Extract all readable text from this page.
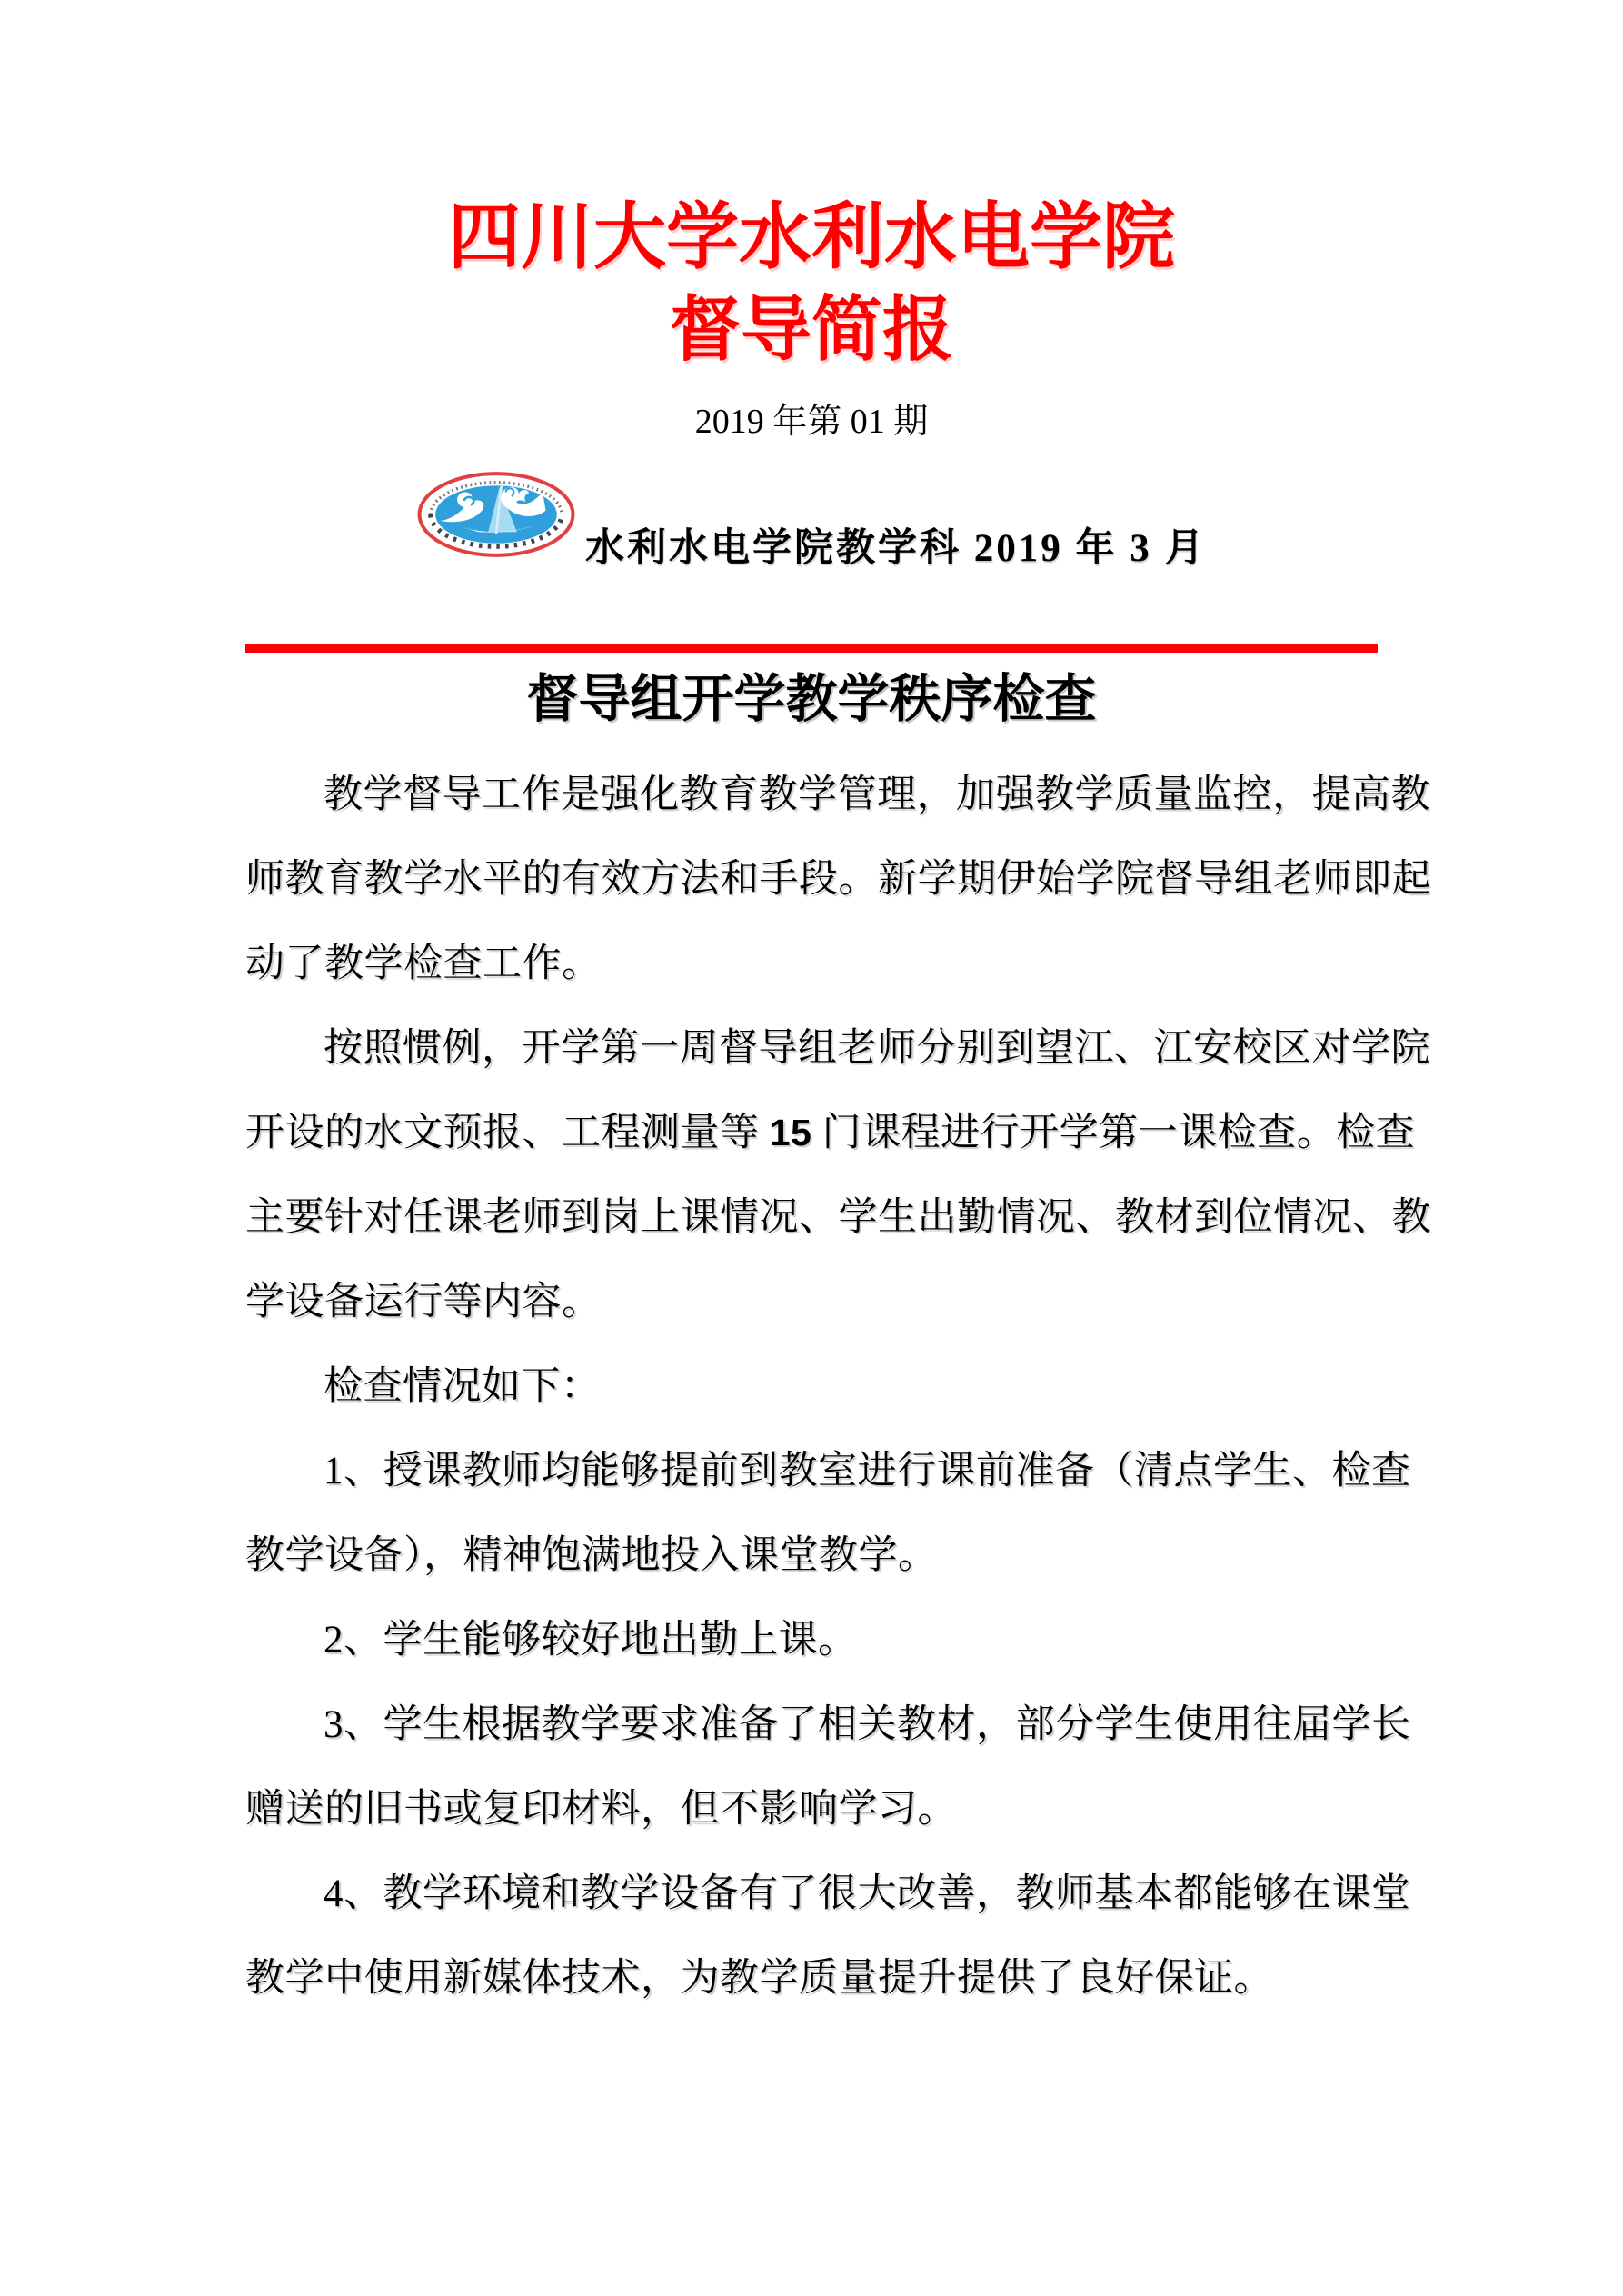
四川大学水利水电学院
督导简报
2019 年第 01 期
水利水电学院教学科 2019 年 3 月
督导组开学教学秩序检查
教学督导工作是强化教育教学管理，加强教学质量监控，提高教
师教育教学水平的有效方法和手段。新学期伊始学院督导组老师即起
动了教学检查工作。
按照惯例，开学第一周督导组老师分别到望江、江安校区对学院
开设的水文预报、工程测量等 15 门课程进行开学第一课检查。检查
主要针对任课老师到岗上课情况、学生出勤情况、教材到位情况、教
学设备运行等内容。
检查情况如下：
1、授课教师均能够提前到教室进行课前准备（清点学生、检查
教学设备），精神饱满地投入课堂教学。
2、学生能够较好地出勤上课。
3、学生根据教学要求准备了相关教材，部分学生使用往届学长
赠送的旧书或复印材料，但不影响学习。
4、教学环境和教学设备有了很大改善，教师基本都能够在课堂
教学中使用新媒体技术，为教学质量提升提供了良好保证。
